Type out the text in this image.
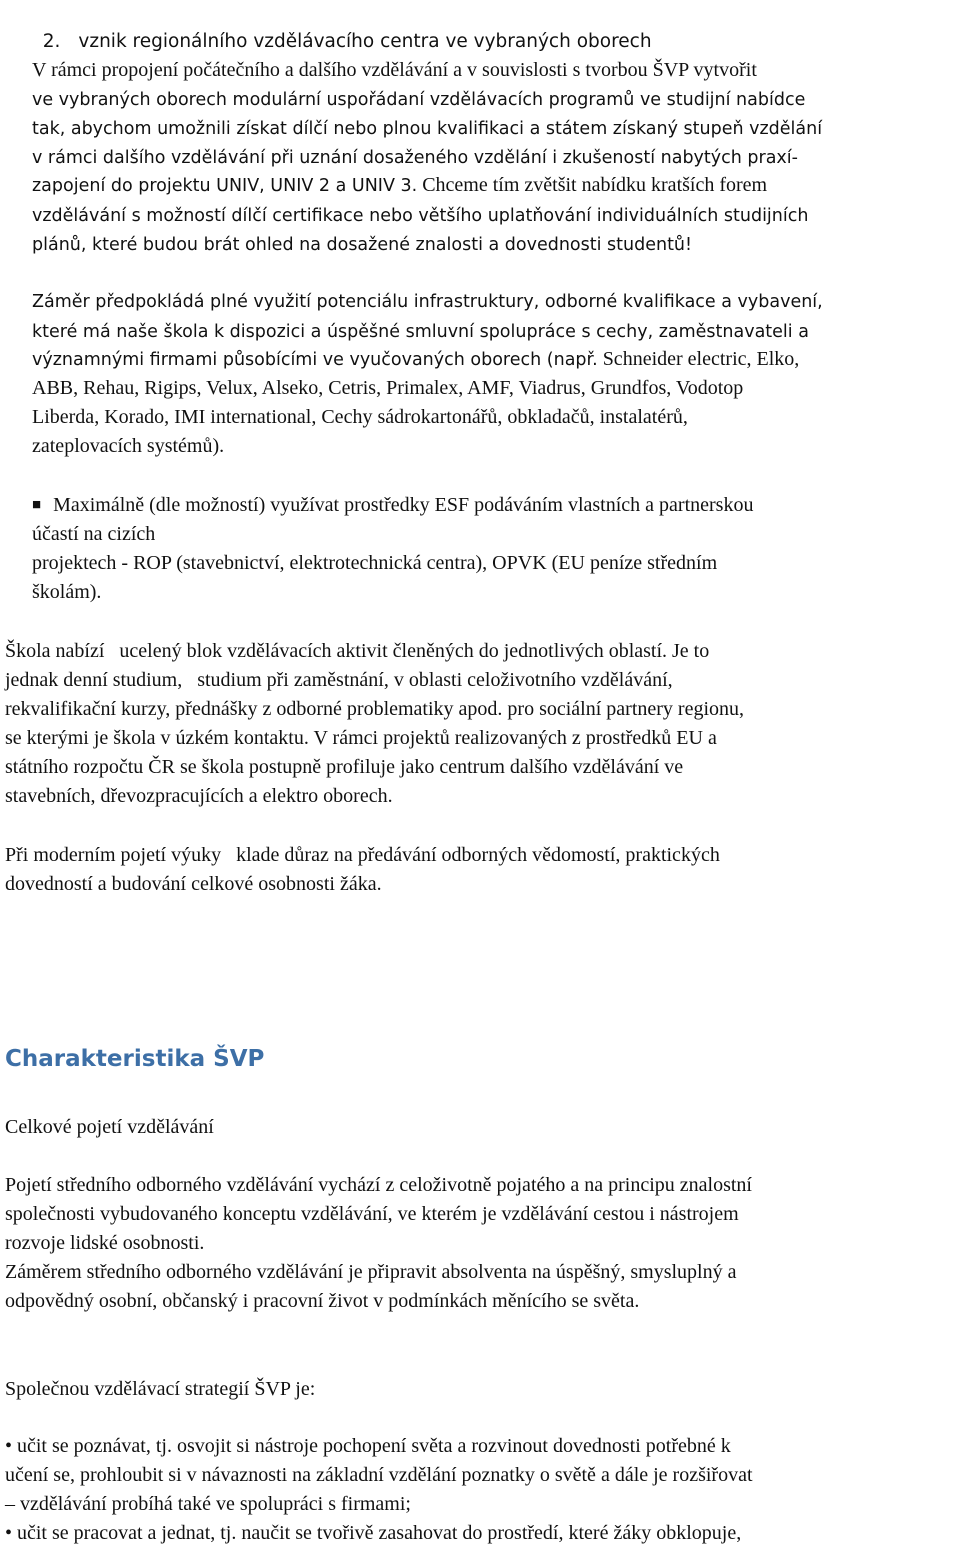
2. vznik regionálního vzdělávacího centra ve vybraných oborech

V rámci propojení počátečního a dalšího vzdělávání a v souvislosti s tvorbou ŠVP vytvořit
ve vybraných oborech modulární uspořádaní vzdělávacích programů ve studijní nabídce
tak, abychom umožnili získat dílčí nebo plnou kvalifikaci a státem získaný stupeň vzdělání
v rámci dalšího vzdělávání při uznání dosaženého vzdělání i zkušeností nabytých praxí-
zapojení do projektu UNIV, UNIV 2 a UNIV 3. Chceme tím zvětšit nabídku kratších forem
vzdělávání s možností dílčí certifikace nebo většího uplatňování individuálních studijních
plánů, které budou brát ohled na dosažené znalosti a dovednosti studentů!
Záměr předpokládá plné využití potenciálu infrastruktury, odborné kvalifikace a vybavení,
které má naše škola k dispozici a úspěšné smluvní spolupráce s cechy, zaměstnavateli a
významnými firmami působícími ve vyučovaných oborech (např. Schneider electric, Elko,
ABB, Rehau, Rigips, Velux, Alseko, Cetris, Primalex, AMF, Viadrus, Grundfos, Vodotop
Liberda, Korado, IMI international, Cechy sádrokartonářů, obkladačů, instalatérů,
zateplovacích systémů).
■ Maximálně (dle možností) využívat prostředky ESF podáváním vlastních a partnerskou
účastí na cizích
projektech - ROP (stavebnictví, elektrotechnická centra), OPVK (EU peníze středním
školám).
Škola nabízí   ucelený blok vzdělávacích aktivit členěných do jednotlivých oblastí. Je to
jednak denní studium,   studium při zaměstnání, v oblasti celoživotního vzdělávání,
rekvalifikační kurzy, přednášky z odborné problematiky apod. pro sociální partnery regionu,
se kterými je škola v úzkém kontaktu. V rámci projektů realizovaných z prostředků EU a
státního rozpočtu ČR se škola postupně profiluje jako centrum dalšího vzdělávání ve
stavebních, dřevozpracujících a elektro oborech.
Při moderním pojetí výuky   klade důraz na předávání odborných vědomostí, praktických
dovedností a budování celkové osobnosti žáka.
Charakteristika ŠVP
Celkové pojetí vzdělávání
Pojetí středního odborného vzdělávání vychází z celoživotně pojatého a na principu znalostní
společnosti vybudovaného konceptu vzdělávání, ve kterém je vzdělávání cestou i nástrojem
rozvoje lidské osobnosti.
Záměrem středního odborného vzdělávání je připravit absolventa na úspěšný, smysluplný a
odpovědný osobní, občanský i pracovní život v podmínkách měnícího se světa.
Společnou vzdělávací strategií ŠVP je:
• učit se poznávat, tj. osvojit si nástroje pochopení světa a rozvinout dovednosti potřebné k
učení se, prohloubit si v návaznosti na základní vzdělání poznatky o světě a dále je rozšiřovat
– vzdělávání probíhá také ve spolupráci s firmami;
• učit se pracovat a jednat, tj. naučit se tvořivě zasahovat do prostředí, které žáky obklopuje,
